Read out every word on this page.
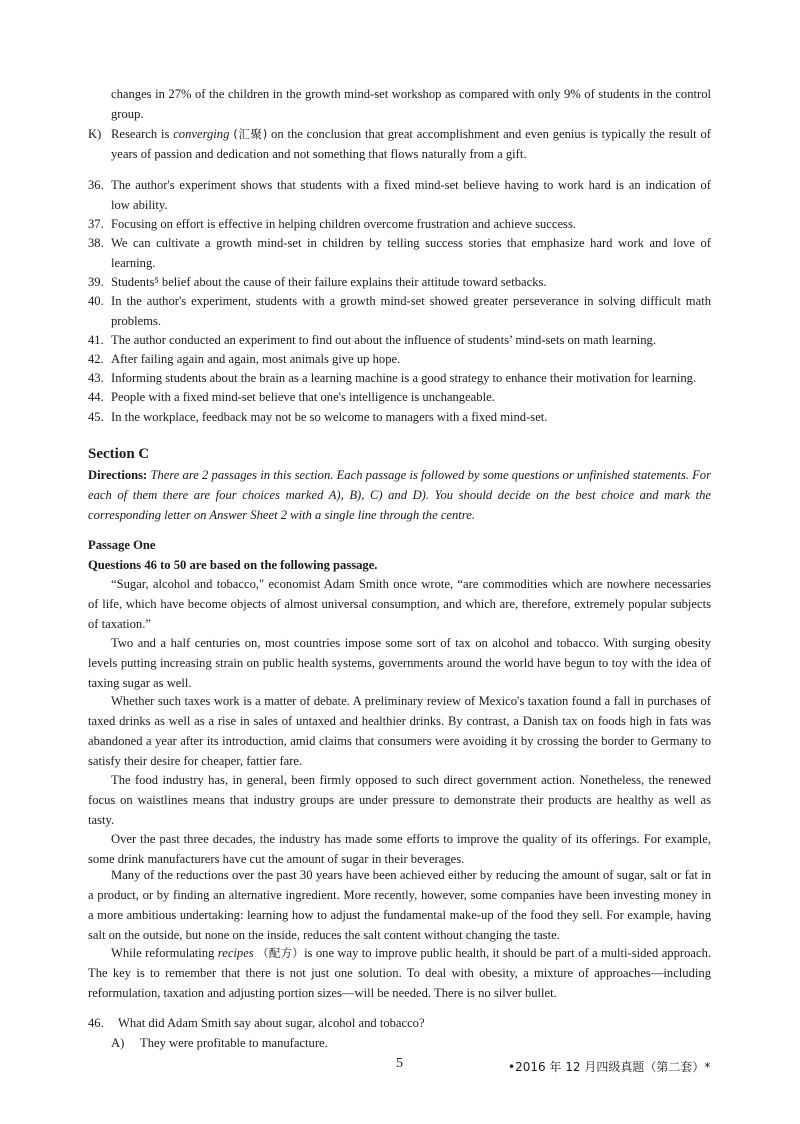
changes in 27% of the children in the growth mind-set workshop as compared with only 9% of students in the control
group.
K) Research is converging (汇聚) on the conclusion that great accomplishment and even genius is typically the result of
years of passion and dedication and not something that flows naturally from a gift.
36. The author's experiment shows that students with a fixed mind-set believe having to work hard is an indication of
low ability.
37. Focusing on effort is effective in helping children overcome frustration and achieve success.
38. We can cultivate a growth mind-set in children by telling success stories that emphasize hard work and love of
learning.
39. Students⁵ belief about the cause of their failure explains their attitude toward setbacks.
40. In the author's experiment, students with a growth mind-set showed greater perseverance in solving difficult math
problems.
41. The author conducted an experiment to find out about the influence of students’ mind-sets on math learning.
42. After failing again and again, most animals give up hope.
43. Informing students about the brain as a learning machine is a good strategy to enhance their motivation for learning.
44. People with a fixed mind-set believe that one's intelligence is unchangeable.
45. In the workplace, feedback may not be so welcome to managers with a fixed mind-set.
Section C
Directions: There are 2 passages in this section. Each passage is followed by some questions or unfinished statements. For
each of them there are four choices marked A), B), C) and D). You should decide on the best choice and mark the
corresponding letter on Answer Sheet 2 with a single line through the centre.
Passage One
Questions 46 to 50 are based on the following passage.
“Sugar, alcohol and tobacco," economist Adam Smith once wrote, “are commodities which are nowhere necessaries
of life, which have become objects of almost universal consumption, and which are, therefore, extremely popular subjects
of taxation.”
Two and a half centuries on, most countries impose some sort of tax on alcohol and tobacco. With surging obesity
levels putting increasing strain on public health systems, governments around the world have begun to toy with the idea of
taxing sugar as well.
Whether such taxes work is a matter of debate. A preliminary review of Mexico's taxation found a fall in purchases of
taxed drinks as well as a rise in sales of untaxed and healthier drinks. By contrast, a Danish tax on foods high in fats was
abandoned a year after its introduction, amid claims that consumers were avoiding it by crossing the border to Germany to
satisfy their desire for cheaper, fattier fare.
The food industry has, in general, been firmly opposed to such direct government action. Nonetheless, the renewed
focus on waistlines means that industry groups are under pressure to demonstrate their products are healthy as well as
tasty.
Over the past three decades, the industry has made some efforts to improve the quality of its offerings. For example,
some drink manufacturers have cut the amount of sugar in their beverages.
Many of the reductions over the past 30 years have been achieved either by reducing the amount of sugar, salt or fat in
a product, or by finding an alternative ingredient. More recently, however, some companies have been investing money in
a more ambitious undertaking: learning how to adjust the fundamental make-up of the food they sell. For example, having
salt on the outside, but none on the inside, reduces the salt content without changing the taste.
While reformulating recipes （配方）is one way to improve public health, it should be part of a multi-sided approach.
The key is to remember that there is not just one solution. To deal with obesity, a mixture of approaches—including
reformulation, taxation and adjusting portion sizes—will be needed. There is no silver bullet.
46. What did Adam Smith say about sugar, alcohol and tobacco?
A) They were profitable to manufacture.
5	•2016 年 12 月四级真题（第二套）*
